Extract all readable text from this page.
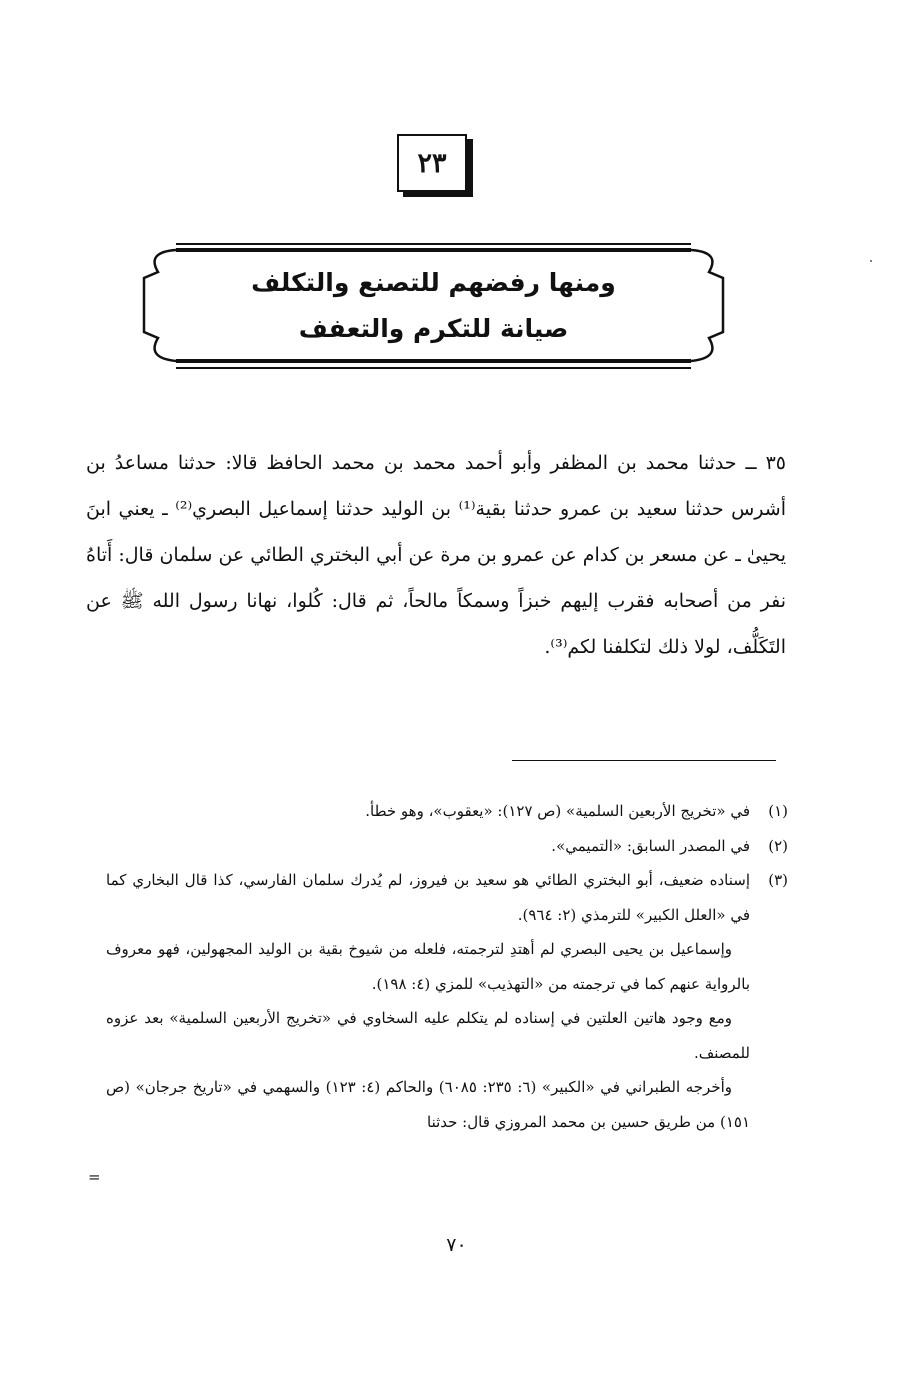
٢٣
ومنها رفضهم للتصنع والتكلف
صيانة للتكرم والتعفف
٣٥ ــ حدثنا محمد بن المظفر وأبو أحمد محمد بن محمد الحافظ قالا: حدثنا مساعدُ بن أشرس حدثنا سعيد بن عمرو حدثنا بقية⁽¹⁾ بن الوليد حدثنا إسماعيل البصري⁽²⁾ ـ يعني ابنَ يحيىٰ ـ عن مسعر بن كدام عن عمرو بن مرة عن أبي البختري الطائي عن سلمان قال: أَتاهُ نفر من أصحابه فقرب إليهم خبزاً وسمكاً مالحاً، ثم قال: كُلوا، نهانا رسول الله ﷺ عن التَكَلُّف، لولا ذلك لتكلفنا لكم⁽³⁾.
(١)
في «تخريج الأربعين السلمية» (ص ١٢٧): «يعقوب»، وهو خطأ.
(٢)
في المصدر السابق: «التميمي».
(٣)
إسناده ضعيف، أبو البختري الطائي هو سعيد بن فيروز، لم يُدرك سلمان الفارسي، كذا قال البخاري كما في «العلل الكبير» للترمذي (٢: ٩٦٤).
وإسماعيل بن يحيى البصري لم أهتدِ لترجمته، فلعله من شيوخ بقية بن الوليد المجهولين، فهو معروف بالرواية عنهم كما في ترجمته من «التهذيب» للمزي (٤: ١٩٨).
ومع وجود هاتين العلتين في إسناده لم يتكلم عليه السخاوي في «تخريج الأربعين السلمية» بعد عزوه للمصنف.
وأخرجه الطبراني في «الكبير» (٦: ٢٣٥: ٦٠٨٥) والحاكم (٤: ١٢٣) والسهمي في «تاريخ جرجان» (ص ١٥١) من طريق حسين بن محمد المروزي قال: حدثنا
=
٧٠
